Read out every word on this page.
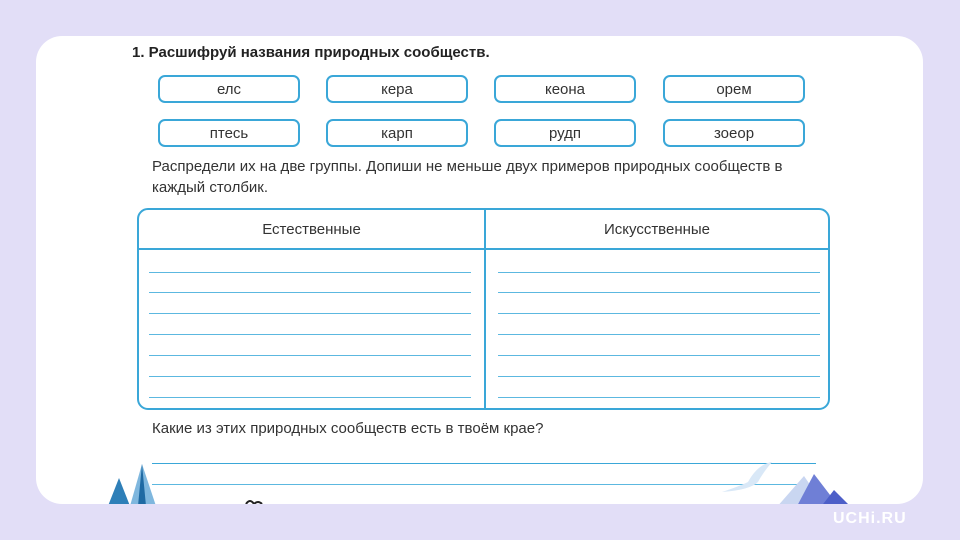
1. Расшифруй названия природных сообществ.
елс	кера	кеона	орем
птесь	карп	рудп	зоеор
Распредели их на две группы. Допиши не меньше двух примеров природных сообществ в каждый столбик.
Естественные	Искусственные
Какие из этих природных сообществ есть в твоём крае?
UCHi.RU
